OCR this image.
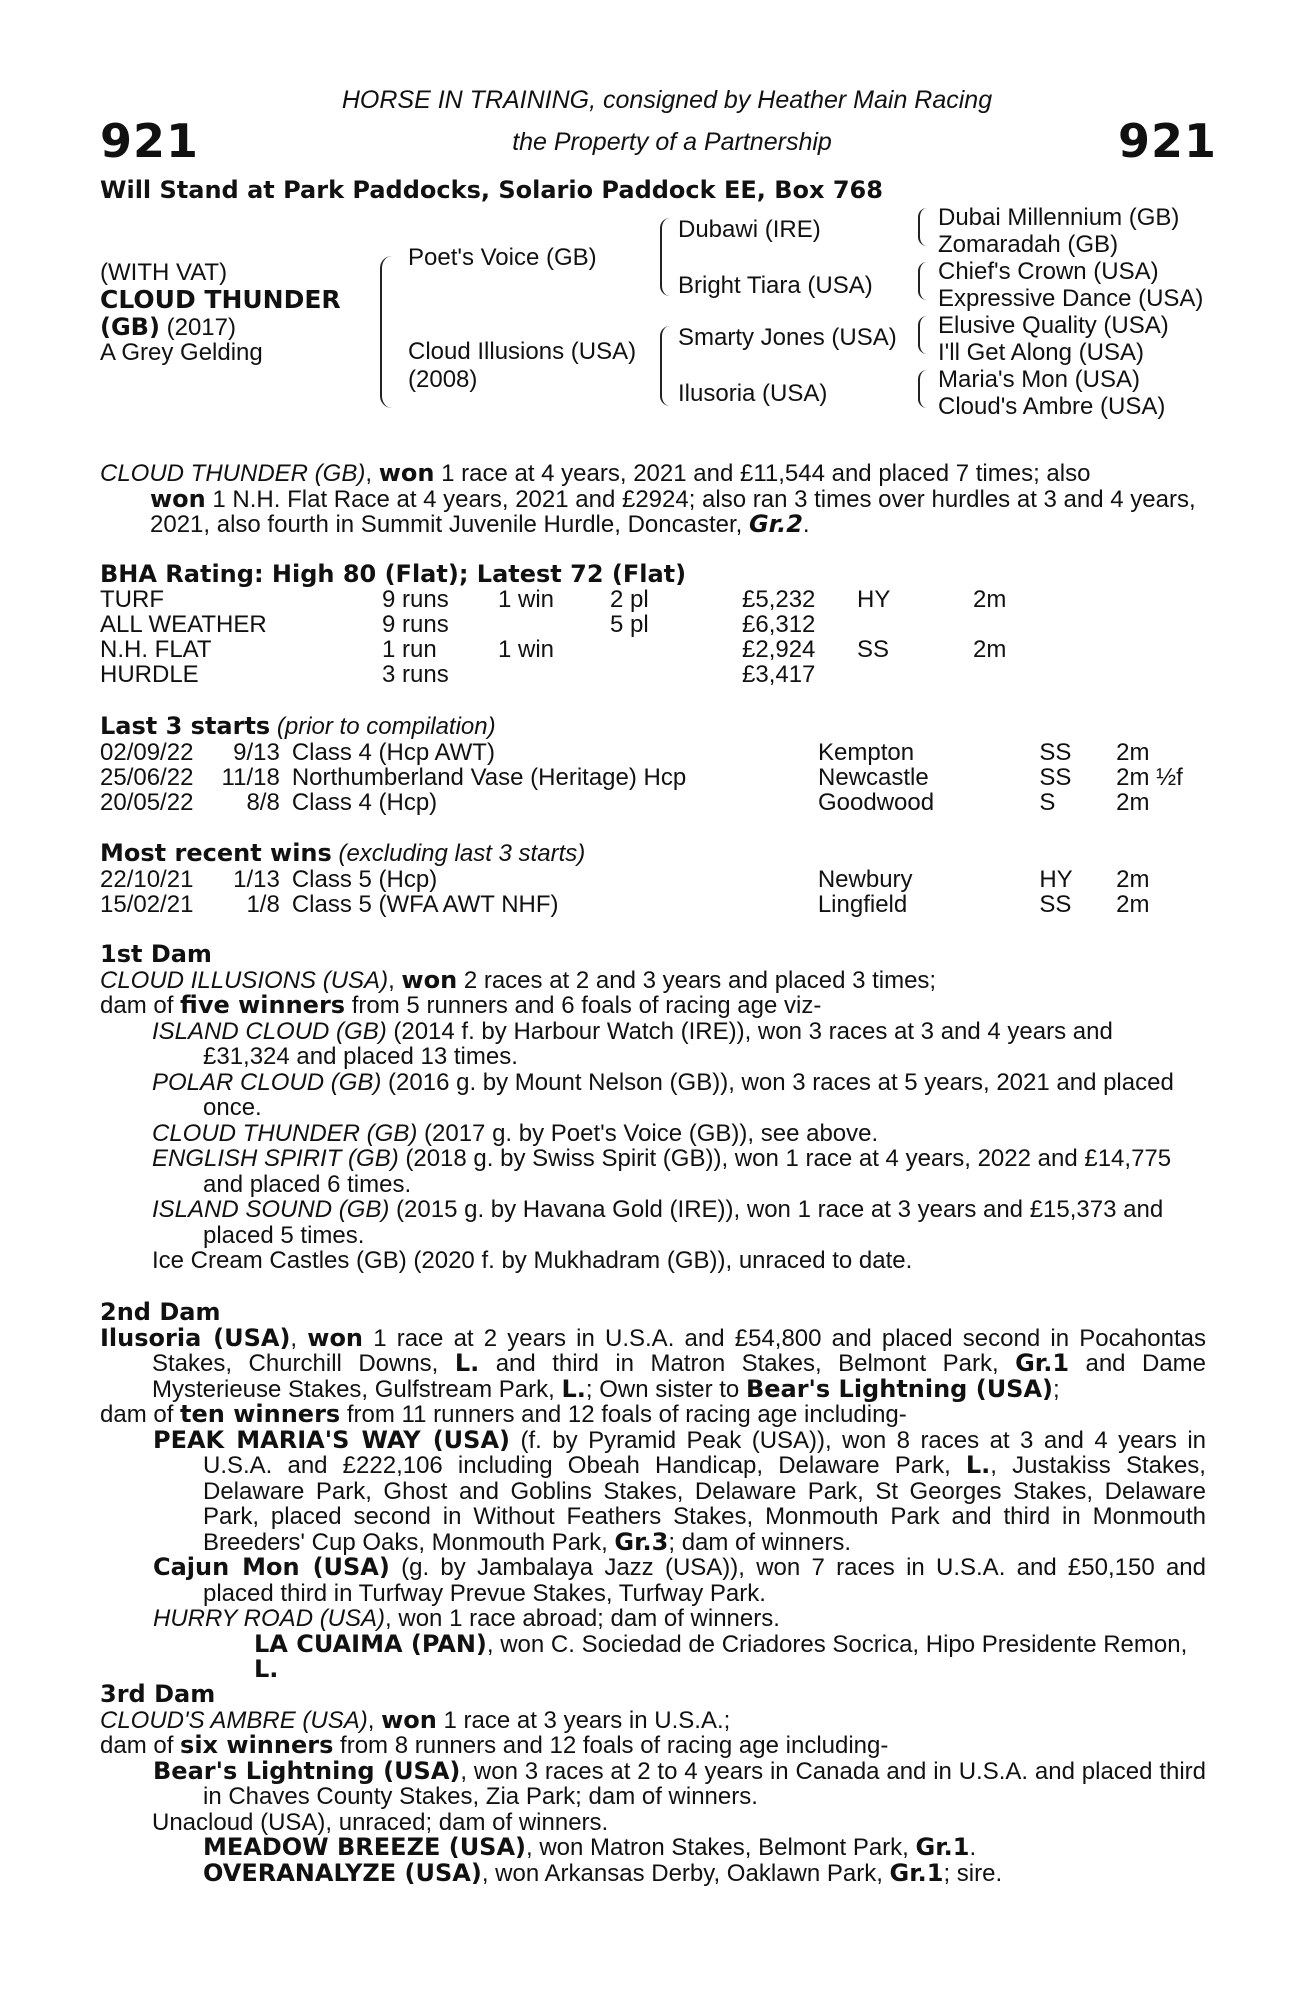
921	921
HORSE IN TRAINING, consigned by Heather Main Racing
the Property of a Partnership
Will Stand at Park Paddocks, Solario Paddock EE, Box 768
(WITH VAT)
CLOUD THUNDER
(GB) (2017)
A Grey Gelding
Poet's Voice (GB)
Cloud Illusions (USA)
(2008)
Dubawi (IRE)
Bright Tiara (USA)
Smarty Jones (USA)
Ilusoria (USA)
Dubai Millennium (GB)
Zomaradah (GB)
Chief's Crown (USA)
Expressive Dance (USA)
Elusive Quality (USA)
I'll Get Along (USA)
Maria's Mon (USA)
Cloud's Ambre (USA)

CLOUD THUNDER (GB), won 1 race at 4 years, 2021 and £11,544 and placed 7 times; also

won 1 N.H. Flat Race at 4 years, 2021 and £2924; also ran 3 times over hurdles at 3 and 4 years, 2021, also fourth in Summit Juvenile Hurdle, Doncaster, Gr.2.

BHA Rating: High 80 (Flat); Latest 72 (Flat)
TURF	9 runs	1 win	2 pl	£5,232	HY	2m
ALL WEATHER	9 runs		5 pl	£6,312		
N.H. FLAT	1 run	1 win		£2,924	SS	2m
HURDLE	3 runs			£3,417		
Last 3 starts (prior to compilation)
02/09/22	9/13	Class 4 (Hcp AWT)	Kempton	SS	2m
25/06/22	11/18	Northumberland Vase (Heritage) Hcp	Newcastle	SS	2m ½f
20/05/22	8/8	Class 4 (Hcp)	Goodwood	S	2m
Most recent wins (excluding last 3 starts)
22/10/21	1/13	Class 5 (Hcp)	Newbury	HY	2m
15/02/21	1/8	Class 5 (WFA AWT NHF)	Lingfield	SS	2m
1st Dam

CLOUD ILLUSIONS (USA), won 2 races at 2 and 3 years and placed 3 times;

dam of five winners from 5 runners and 6 foals of racing age viz-

ISLAND CLOUD (GB) (2014 f. by Harbour Watch (IRE)), won 3 races at 3 and 4 years and £31,324 and placed 13 times.

POLAR CLOUD (GB) (2016 g. by Mount Nelson (GB)), won 3 races at 5 years, 2021 and placed once.

CLOUD THUNDER (GB) (2017 g. by Poet's Voice (GB)), see above.

ENGLISH SPIRIT (GB) (2018 g. by Swiss Spirit (GB)), won 1 race at 4 years, 2022 and £14,775 and placed 6 times.

ISLAND SOUND (GB) (2015 g. by Havana Gold (IRE)), won 1 race at 3 years and £15,373 and placed 5 times.

Ice Cream Castles (GB) (2020 f. by Mukhadram (GB)), unraced to date.

2nd Dam

Ilusoria (USA), won 1 race at 2 years in U.S.A. and £54,800 and placed second in Pocahontas Stakes, Churchill Downs, L. and third in Matron Stakes, Belmont Park, Gr.1 and Dame Mysterieuse Stakes, Gulfstream Park, L.; Own sister to Bear's Lightning (USA);

dam of ten winners from 11 runners and 12 foals of racing age including-

PEAK MARIA'S WAY (USA) (f. by Pyramid Peak (USA)), won 8 races at 3 and 4 years in U.S.A. and £222,106 including Obeah Handicap, Delaware Park, L., Justakiss Stakes, Delaware Park, Ghost and Goblins Stakes, Delaware Park, St Georges Stakes, Delaware Park, placed second in Without Feathers Stakes, Monmouth Park and third in Monmouth Breeders' Cup Oaks, Monmouth Park, Gr.3; dam of winners.

Cajun Mon (USA) (g. by Jambalaya Jazz (USA)), won 7 races in U.S.A. and £50,150 and placed third in Turfway Prevue Stakes, Turfway Park.

HURRY ROAD (USA), won 1 race abroad; dam of winners.

LA CUAIMA (PAN), won C. Sociedad de Criadores Socrica, Hipo Presidente Remon, L.

3rd Dam

CLOUD'S AMBRE (USA), won 1 race at 3 years in U.S.A.;

dam of six winners from 8 runners and 12 foals of racing age including-

Bear's Lightning (USA), won 3 races at 2 to 4 years in Canada and in U.S.A. and placed third in Chaves County Stakes, Zia Park; dam of winners.

Unacloud (USA), unraced; dam of winners.

MEADOW BREEZE (USA), won Matron Stakes, Belmont Park, Gr.1.

OVERANALYZE (USA), won Arkansas Derby, Oaklawn Park, Gr.1; sire.
